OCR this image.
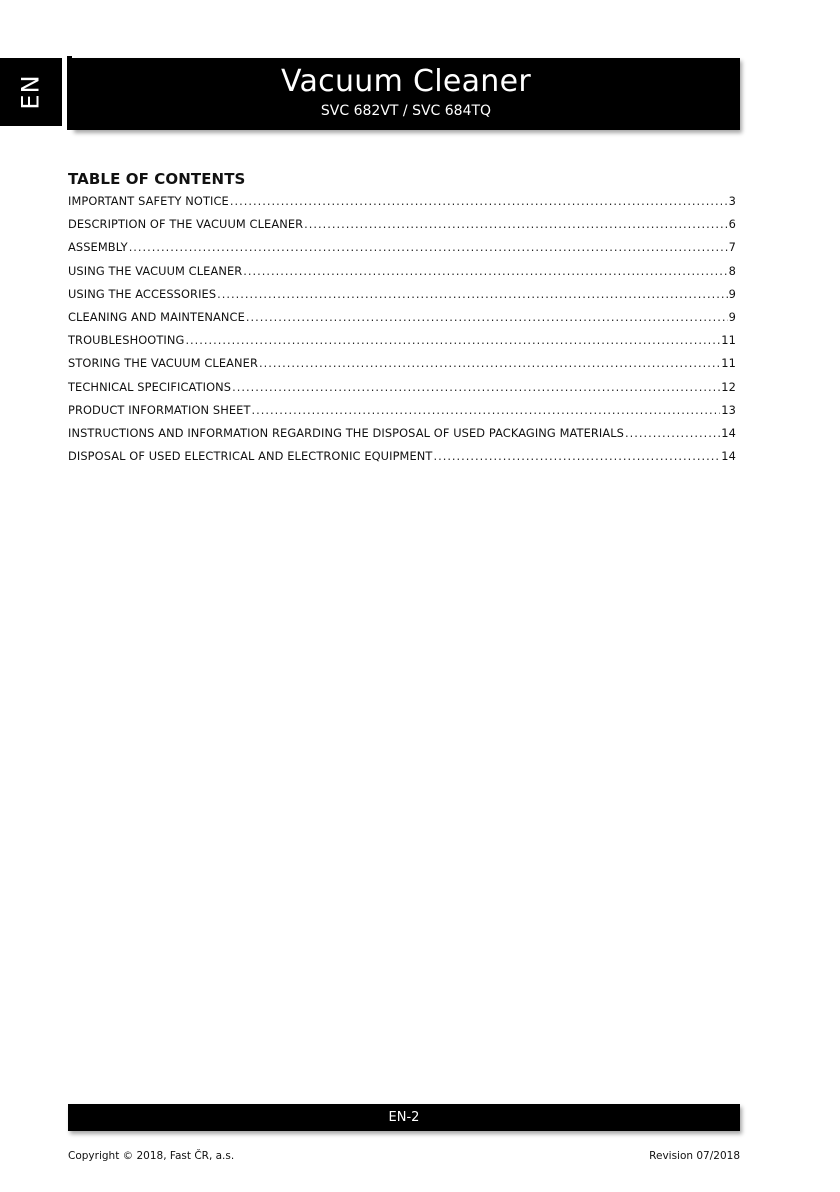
EN	Vacuum Cleaner
SVC 682VT / SVC 684TQ
TABLE OF CONTENTS
IMPORTANT SAFETY NOTICE .....	3
DESCRIPTION OF THE VACUUM CLEANER .....	6
ASSEMBLY .....	7
USING THE VACUUM CLEANER .....	8
USING THE ACCESSORIES .....	9
CLEANING AND MAINTENANCE .....	9
TROUBLESHOOTING .....	11
STORING THE VACUUM CLEANER .....	11
TECHNICAL SPECIFICATIONS .....	12
PRODUCT INFORMATION SHEET .....	13
INSTRUCTIONS AND INFORMATION REGARDING THE DISPOSAL OF USED PACKAGING MATERIALS .....	14
DISPOSAL OF USED ELECTRICAL AND ELECTRONIC EQUIPMENT .....	14
EN-2
Copyright © 2018, Fast ČR, a.s.	Revision 07/2018
